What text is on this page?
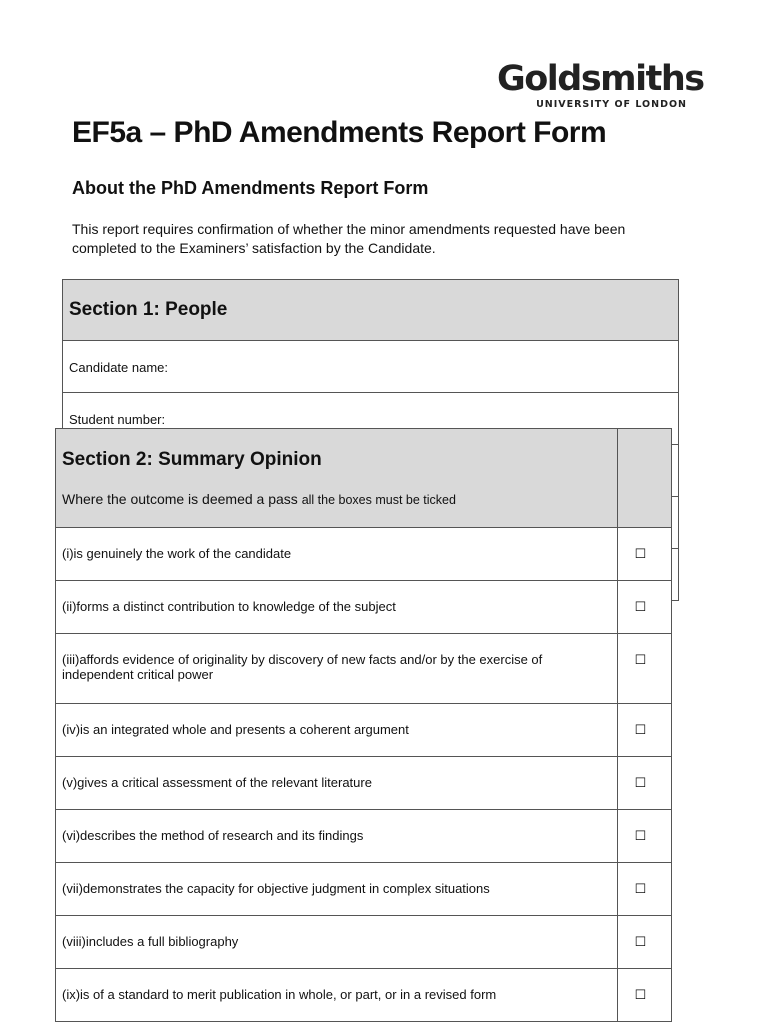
Goldsmiths
UNIVERSITY OF LONDON
EF5a – PhD Amendments Report Form
About the PhD Amendments Report Form
This report requires confirmation of whether the minor amendments requested have been completed to the Examiners’ satisfaction by the Candidate.
Section 1: People
Candidate name:
Student number:

Section 2: Summary Opinion
Where the outcome is deemed a pass all the boxes must be ticked	

(i)is genuinely the work of the candidate	☐
(ii)forms a distinct contribution to knowledge of the subject	☐
(iii)affords evidence of originality by discovery of new facts and/or by the exercise of independent critical power	☐
(iv)is an integrated whole and presents a coherent argument	☐
(v)gives a critical assessment of the relevant literature	☐
(vi)describes the method of research and its findings	☐
(vii)demonstrates the capacity for objective judgment in complex situations	☐
(viii)includes a full bibliography	☐
(ix)is of a standard to merit publication in whole, or part, or in a revised form	☐
